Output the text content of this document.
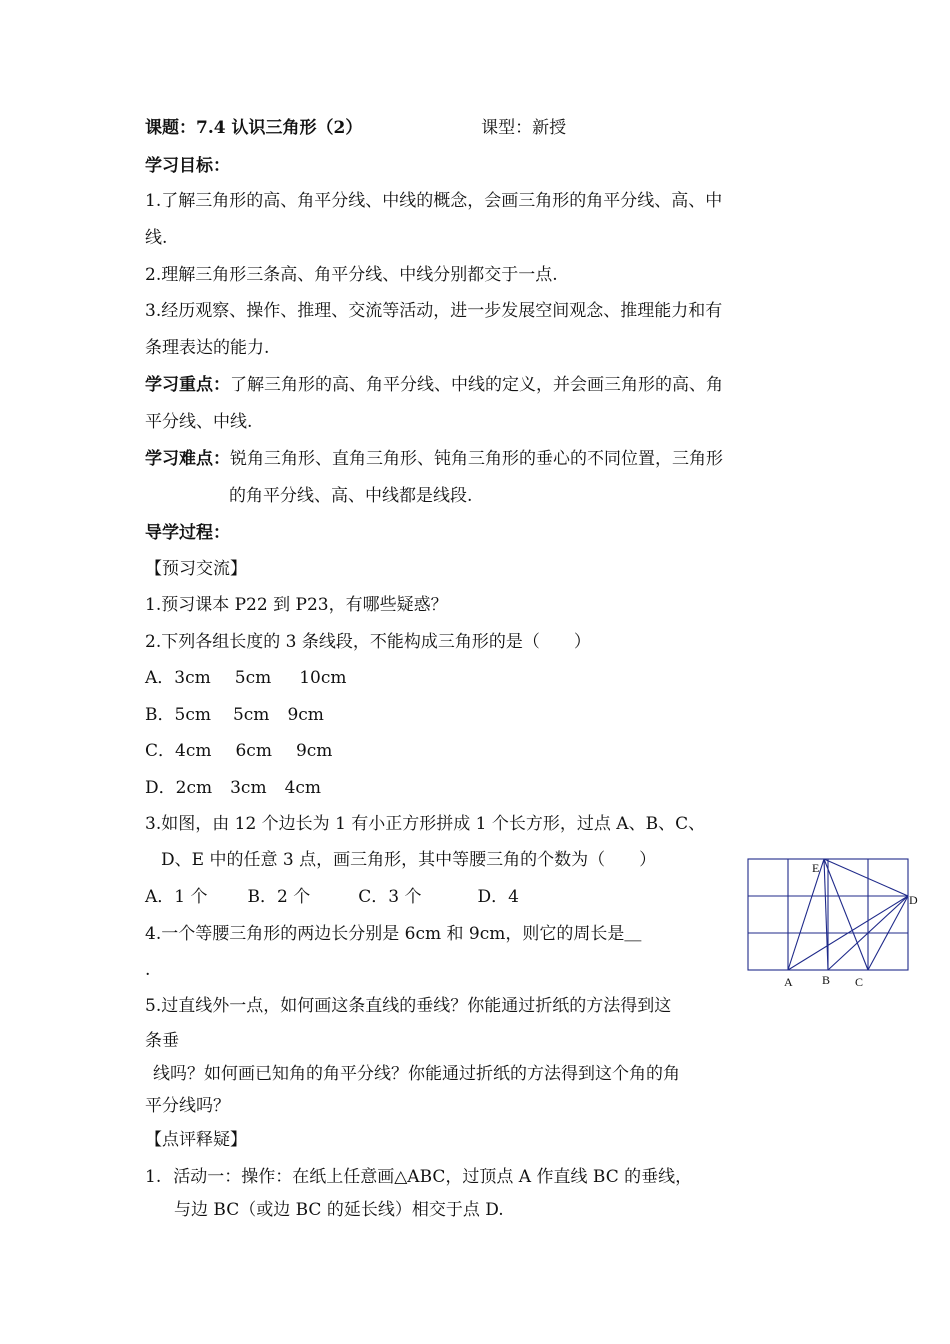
课题：7.4 认识三角形（2）	课型：新授
学习目标：
1.了解三角形的高、角平分线、中线的概念，会画三角形的角平分线、高、中
线.
2.理解三角形三条高、角平分线、中线分别都交于一点.
3.经历观察、操作、推理、交流等活动，进一步发展空间观念、推理能力和有
条理表达的能力.
学习重点：了解三角形的高、角平分线、中线的定义，并会画三角形的高、角
平分线、中线.
学习难点：锐角三角形、直角三角形、钝角三角形的垂心的不同位置，三角形
的角平分线、高、中线都是线段.
导学过程：
【预习交流】
1.预习课本 P22 到 P23，有哪些疑惑？
2.下列各组长度的 3 条线段，不能构成三角形的是（　　）
A．3cm 5cm 10cm
B．5cm 5cm 9cm
C．4cm 6cm 9cm
D．2cm 3cm 4cm
3.如图，由 12 个边长为 1 有小正方形拼成 1 个长方形，过点 A、B、C、
D、E 中的任意 3 点，画三角形，其中等腰三角的个数为（　　）
A．1 个 B．2 个	C．3 个	D．4
4.一个等腰三角形的两边长分别是 6cm 和 9cm，则它的周长是＿
.
5.过直线外一点，如何画这条直线的垂线？你能通过折纸的方法得到这
条垂
线吗？如何画已知角的角平分线？你能通过折纸的方法得到这个角的角
平分线吗？
【点评释疑】
1. 活动一：操作：在纸上任意画△ABC，过顶点 A 作直线 BC 的垂线，
与边 BC（或边 BC 的延长线）相交于点 D.
E
D
A B C
